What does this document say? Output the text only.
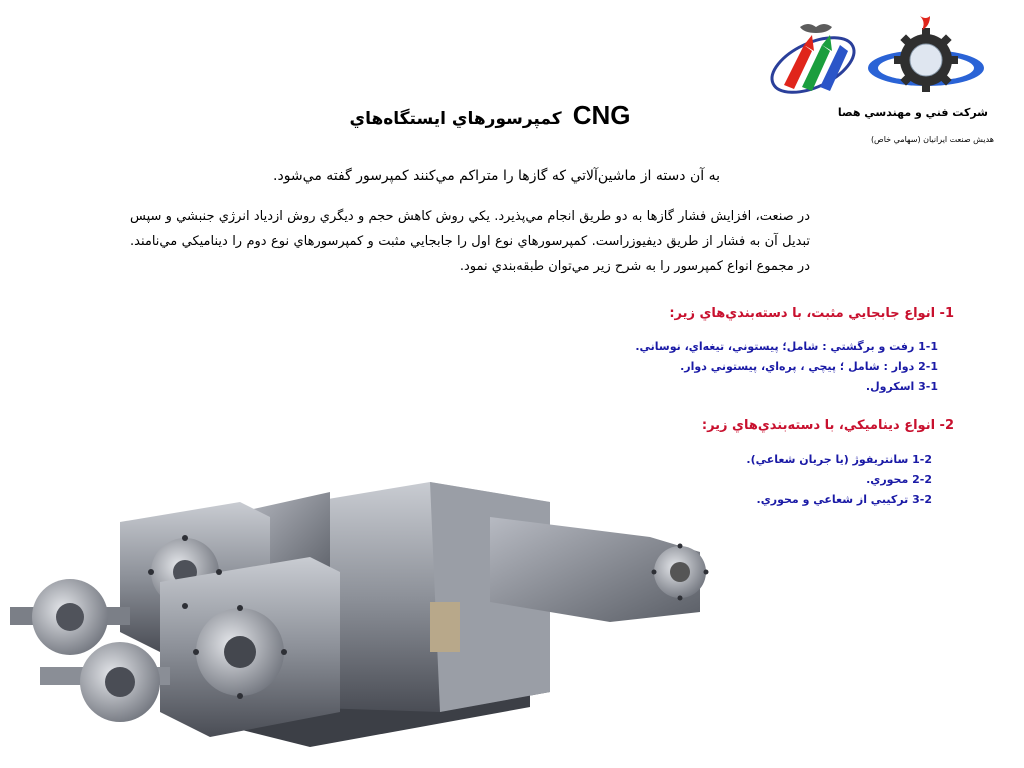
شركت فني و مهندسي هصا
هديش صنعت ايرانيان (سهامي خاص)
كمپرسورهاي ايستگاه‌هاي CNG
به آن دسته از ماشين‌آلاتي كه گازها را متراكم مي‌كنند كمپرسور گفته مي‌شود.
در صنعت، افزايش فشار گازها به دو طريق انجام مي‌پذيرد. يكي روش كاهش حجم و ديگري روش ازدياد انرژي جنبشي و سپس تبديل آن به فشار از طريق ديفيوزراست. كمپرسورهاي نوع اول را جابجايي مثبت و كمپرسورهاي نوع دوم را ديناميكي مي‌نامند. در مجموع انواع كمپرسور را به شرح زير مي‌توان طبقه‌بندي نمود.
1- انواع جابجايي مثبت، با دسته‌بندي‌هاي زير:
1-1 رفت و برگشتي : شامل؛ پيستوني، تيغه‌اي، نوساني.
2-1 دوار : شامل ؛ پيچي ، پره‌اي، پيستوني دوار.
3-1 اسكرول.
2- انواع ديناميكي، با دسته‌بندي‌هاي زير:
1-2 سانتريفوژ (يا جريان شعاعي).
2-2 محوري.
3-2 تركيبي از شعاعي و محوري.
